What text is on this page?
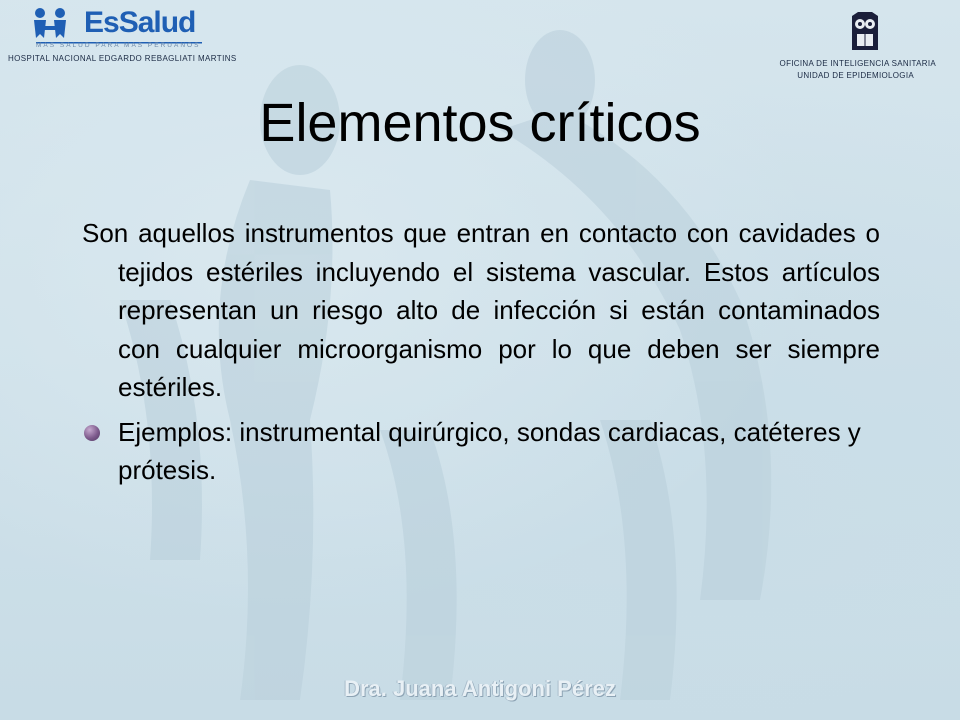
EsSalud
MAS SALUD PARA MAS PERUANOS
HOSPITAL NACIONAL EDGARDO REBAGLIATI MARTINS
OFICINA DE INTELIGENCIA SANITARIA
UNIDAD DE EPIDEMIOLOGIA
Elementos críticos

Son aquellos instrumentos que entran en contacto con cavidades o tejidos estériles incluyendo el sistema vascular. Estos artículos representan un riesgo alto de infección si están contaminados con cualquier microorganismo por lo que deben ser siempre estériles.

Ejemplos: instrumental quirúrgico, sondas cardiacas, catéteres y prótesis.

Dra. Juana Antigoni Pérez
